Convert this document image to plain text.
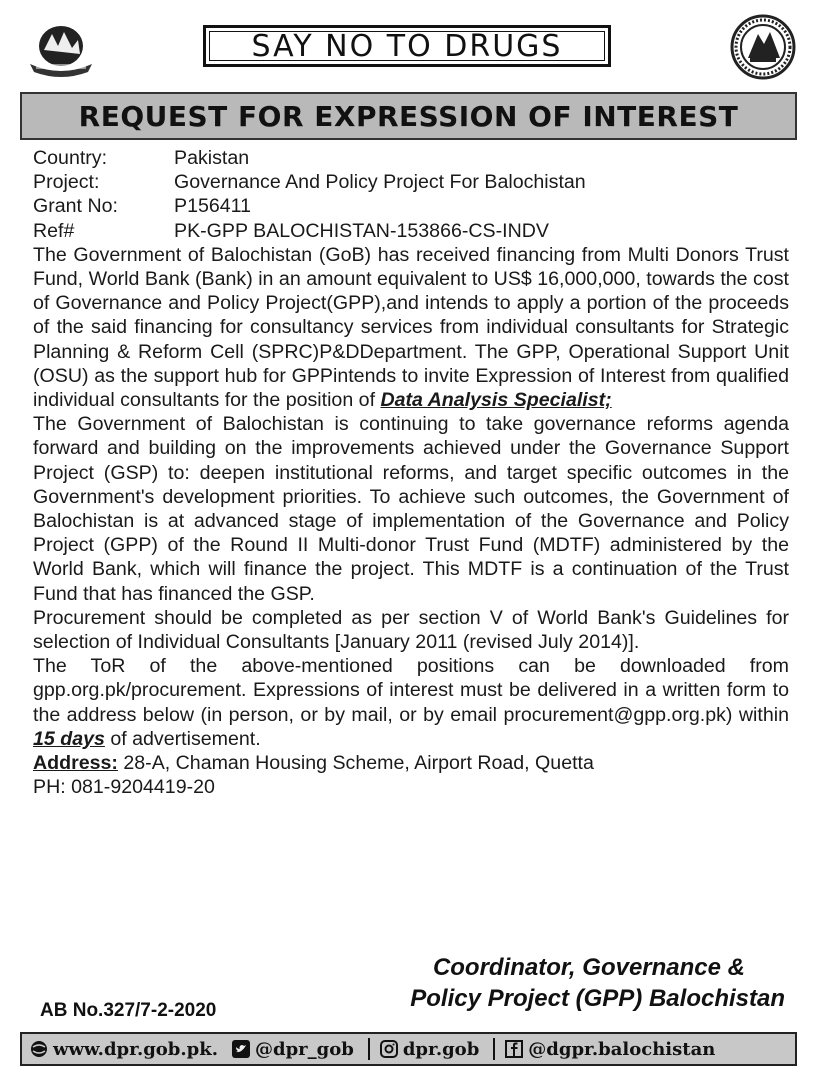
SAY NO TO DRUGS
REQUEST FOR EXPRESSION OF INTEREST
Country:	Pakistan
Project:	Governance And Policy Project For Balochistan
Grant No:	P156411
Ref#	PK-GPP BALOCHISTAN-153866-CS-INDV

The Government of Balochistan (GoB) has received financing from Multi Donors Trust Fund, World Bank (Bank) in an amount equivalent to US$ 16,000,000, towards the cost of Governance and Policy Project(GPP),and intends to apply a portion of the proceeds of the said financing for consultancy services from individual consultants for Strategic Planning & Reform Cell (SPRC)P&DDepartment. The GPP, Operational Support Unit (OSU) as the support hub for GPPintends to invite Expression of Interest from qualified individual consultants for the position of Data Analysis Specialist;

The Government of Balochistan is continuing to take governance reforms agenda forward and building on the improvements achieved under the Governance Support Project (GSP) to: deepen institutional reforms, and target specific outcomes in the Government's development priorities. To achieve such outcomes, the Government of Balochistan is at advanced stage of implementation of the Governance and Policy Project (GPP) of the Round II Multi-donor Trust Fund (MDTF) administered by the World Bank, which will finance the project. This MDTF is a continuation of the Trust Fund that has financed the GSP.

Procurement should be completed as per section V of World Bank's Guidelines for selection of Individual Consultants [January 2011 (revised July 2014)].

The ToR of the above-mentioned positions can be downloaded from gpp.org.pk/procurement. Expressions of interest must be delivered in a written form to the address below (in person, or by mail, or by email procurement@gpp.org.pk) within 15 days of advertisement.

Address: 28-A, Chaman Housing Scheme, Airport Road, Quetta
PH: 081-9204419-20
Coordinator, Governance &
Policy Project (GPP) Balochistan
AB No.327/7-2-2020
www.dpr.gob.pk. @dpr_gob	dpr.gob	@dgpr.balochistan
